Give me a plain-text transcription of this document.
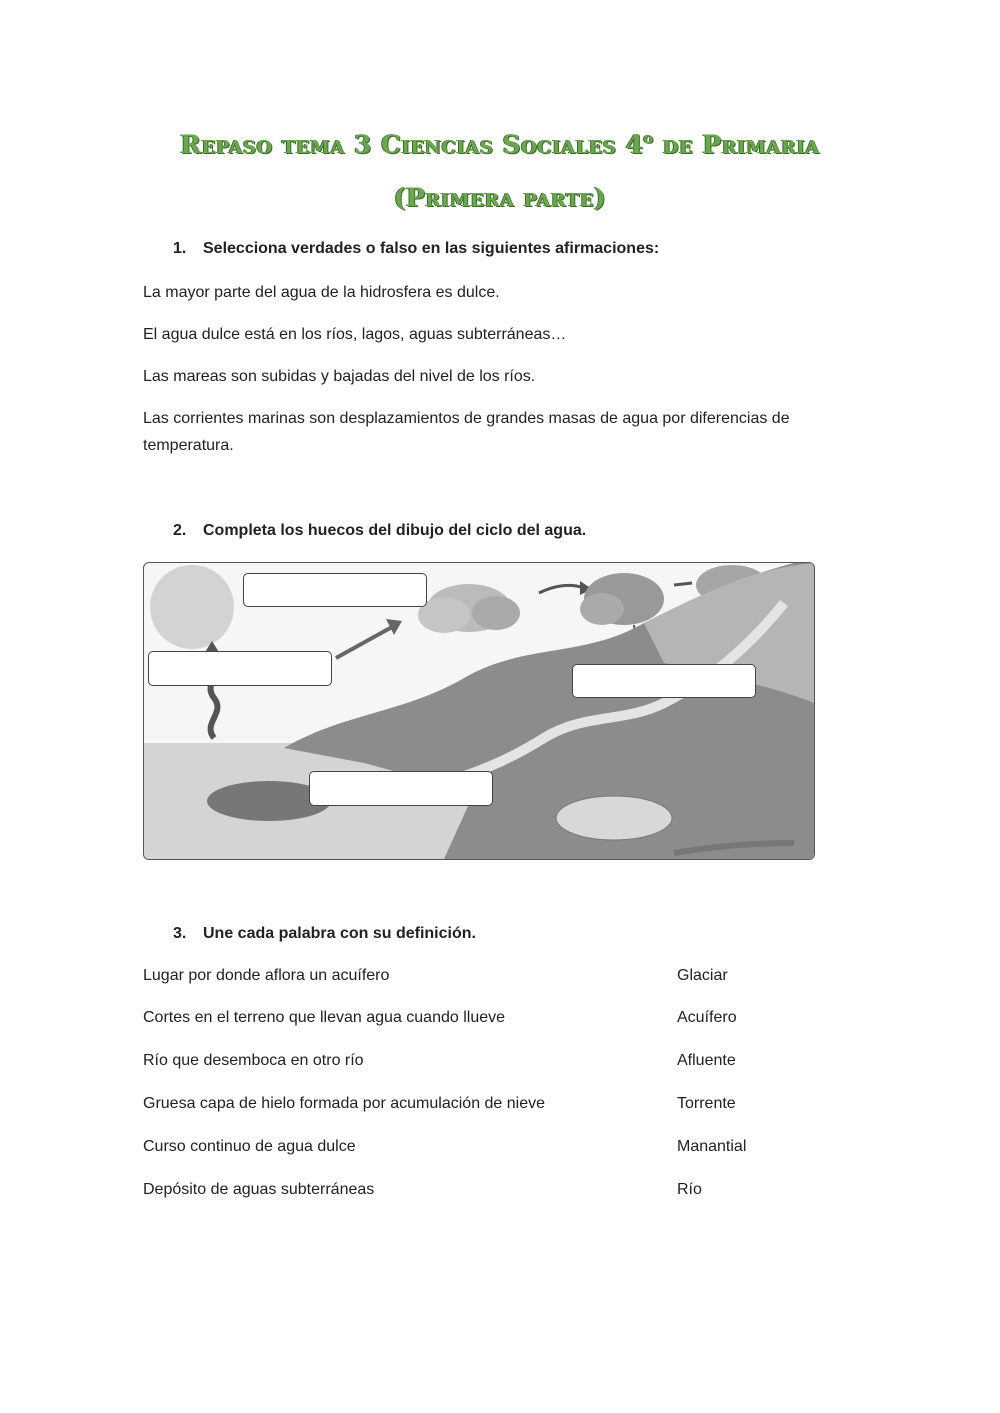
Repaso tema 3 Ciencias Sociales 4$^o$ de Primaria
(Primera parte)
1. Selecciona verdades o falso en las siguientes afirmaciones:
La mayor parte del agua de la hidrosfera es dulce.
El agua dulce está en los ríos, lagos, aguas subterráneas…
Las mareas son subidas y bajadas del nivel de los ríos.
Las corrientes marinas son desplazamientos de grandes masas de agua por diferencias de temperatura.
2. Completa los huecos del dibujo del ciclo del agua.
3. Une cada palabra con su definición.
Lugar por donde aflora un acuífero	Glaciar
Cortes en el terreno que llevan agua cuando llueve	Acuífero
Río que desemboca en otro río	Afluente
Gruesa capa de hielo formada por acumulación de nieve	Torrente
Curso continuo de agua dulce	Manantial
Depósito de aguas subterráneas	Río
